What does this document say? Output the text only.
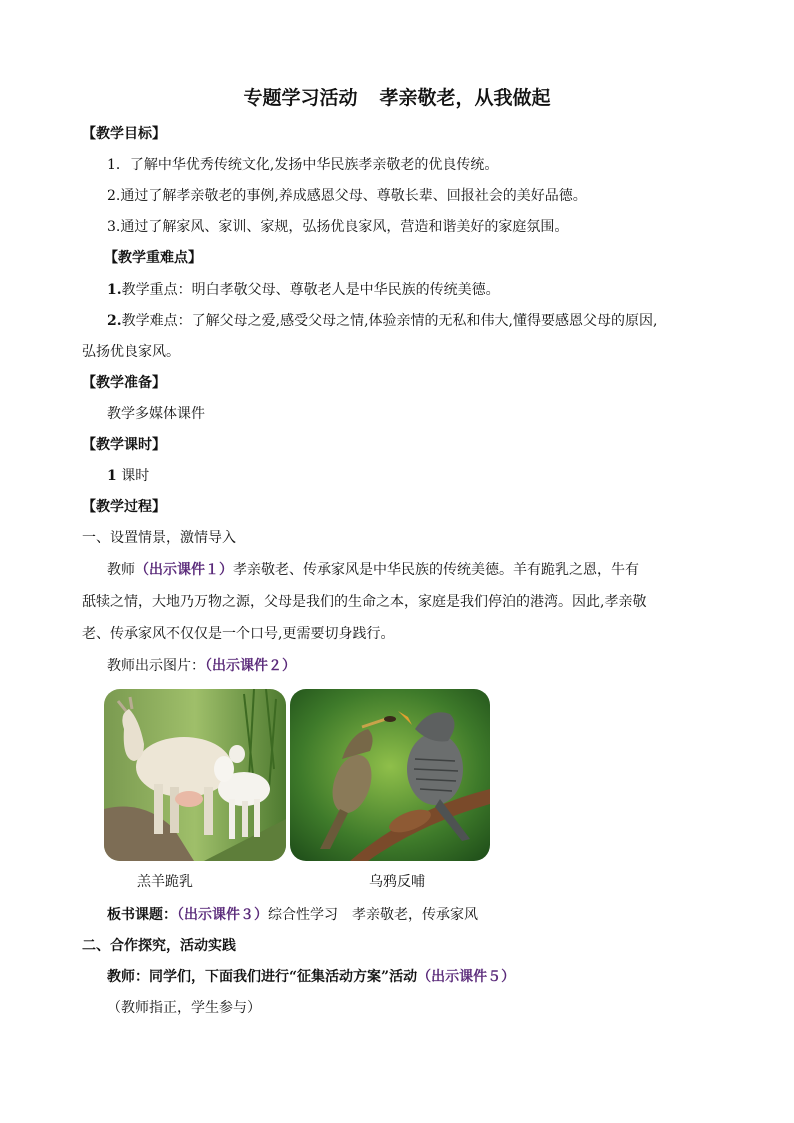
专题学习活动 孝亲敬老，从我做起
【教学目标】
1．了解中华优秀传统文化,发扬中华民族孝亲敬老的优良传统。
2.通过了解孝亲敬老的事例,养成感恩父母、尊敬长辈、回报社会的美好品德。
3.通过了解家风、家训、家规，弘扬优良家风，营造和谐美好的家庭氛围。
【教学重难点】
1.教学重点：明白孝敬父母、尊敬老人是中华民族的传统美德。
2.教学难点：了解父母之爱,感受父母之情,体验亲情的无私和伟大,懂得要感恩父母的原因,
弘扬优良家风。
【教学准备】
教学多媒体课件
【教学课时】
1 课时
【教学过程】
一、设置情景，激情导入
教师（出示课件１）孝亲敬老、传承家风是中华民族的传统美德。羊有跪乳之恩，牛有
舐犊之情，大地乃万物之源，父母是我们的生命之本，家庭是我们停泊的港湾。因此,孝亲敬
老、传承家风不仅仅是一个口号,更需要切身践行。
教师出示图片：（出示课件２）
羔羊跪乳	乌鸦反哺
板书课题：（出示课件３）综合性学习　孝亲敬老，传承家风
二、合作探究，活动实践
教师：同学们，下面我们进行“征集活动方案”活动（出示课件５）
（教师指正，学生参与）
